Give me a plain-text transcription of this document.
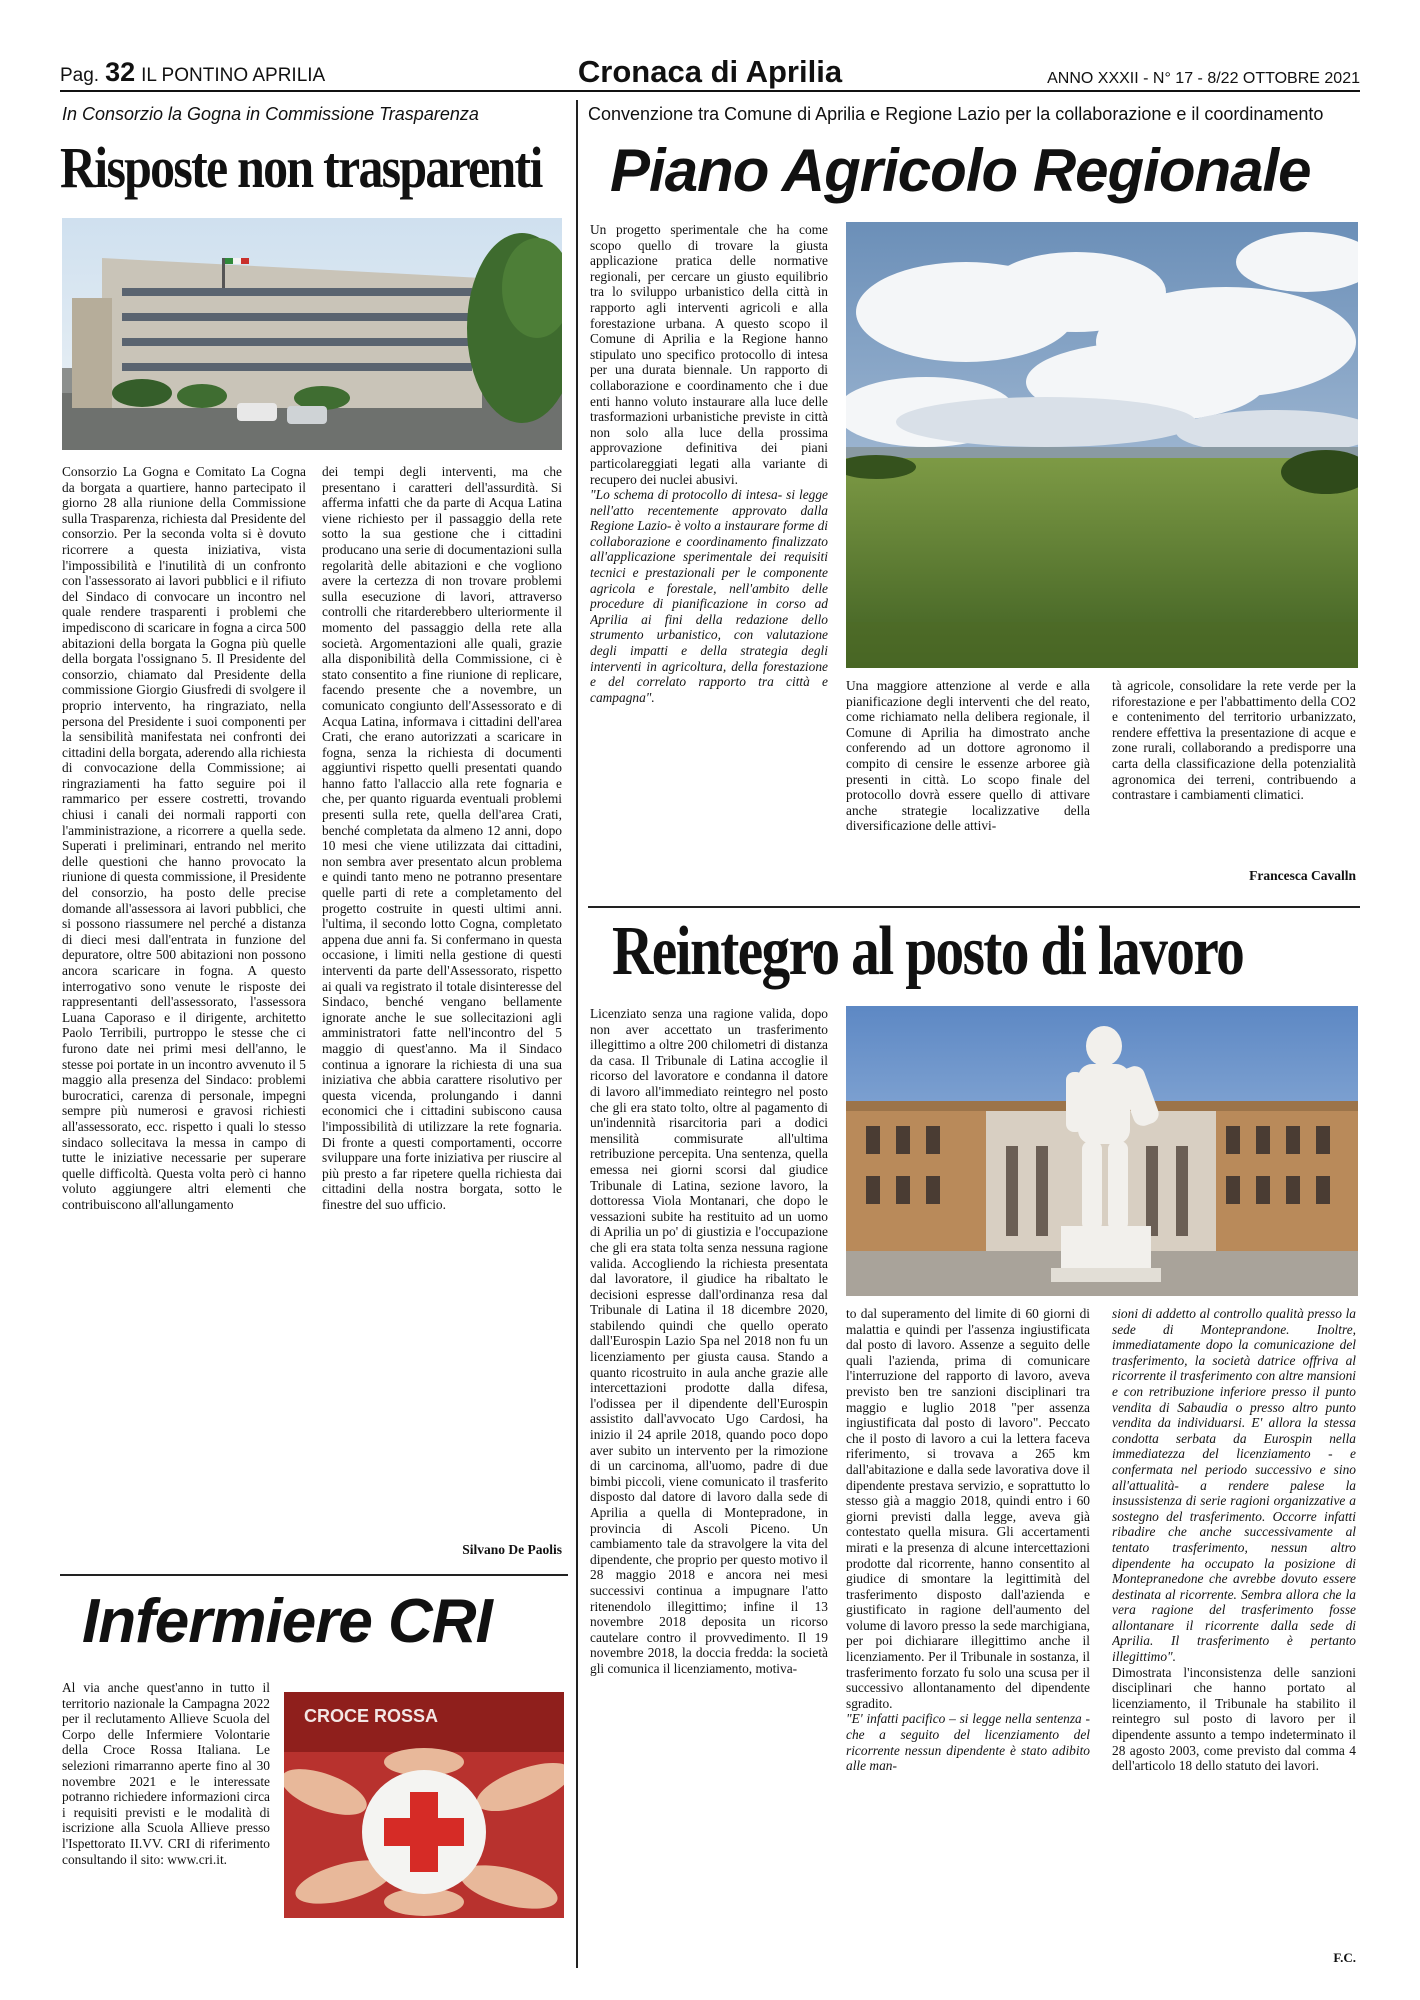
Pag. 32 IL PONTINO APRILIA	Cronaca di Aprilia	ANNO XXXII - N° 17 - 8/22 OTTOBRE 2021
In Consorzio la Gogna in Commissione Trasparenza
Risposte non trasparenti

Consorzio La Gogna e Comitato La Cogna da borgata a quartiere, hanno partecipato il giorno 28 alla riunione della Commissione sulla Trasparenza, richiesta dal Presidente del consorzio. Per la seconda volta si è dovuto ricorrere a questa iniziativa, vista l'impossibilità e l'inutilità di un confronto con l'assessorato ai lavori pubblici e il rifiuto del Sindaco di convocare un incontro nel quale rendere trasparenti i problemi che impediscono di scaricare in fogna a circa 500 abitazioni della borgata la Gogna più quelle della borgata l'ossignano 5. Il Presidente del consorzio, chiamato dal Presidente della commissione Giorgio Giusfredi di svolgere il proprio intervento, ha ringraziato, nella persona del Presidente i suoi componenti per la sensibilità manifestata nei confronti dei cittadini della borgata, aderendo alla richiesta di convocazione della Commissione; ai ringraziamenti ha fatto seguire poi il rammarico per essere costretti, trovando chiusi i canali dei normali rapporti con l'amministrazione, a ricorrere a quella sede. Superati i preliminari, entrando nel merito delle questioni che hanno provocato la riunione di questa commissione, il Presidente del consorzio, ha posto delle precise domande all'assessora ai lavori pubblici, che si possono riassumere nel perché a distanza di dieci mesi dall'entrata in funzione del depuratore, oltre 500 abitazioni non possono ancora scaricare in fogna. A questo interrogativo sono venute le risposte dei rappresentanti dell'assessorato, l'assessora Luana Caporaso e il dirigente, architetto Paolo Terribili, purtroppo le stesse che ci furono date nei primi mesi dell'anno, le stesse poi portate in un incontro avvenuto il 5 maggio alla presenza del Sindaco: problemi burocratici, carenza di personale, impegni sempre più numerosi e gravosi richiesti all'assessorato, ecc. rispetto i quali lo stesso sindaco sollecitava la messa in campo di tutte le iniziative necessarie per superare quelle difficoltà. Questa volta però ci hanno voluto aggiungere altri elementi che contribuiscono all'allungamento

dei tempi degli interventi, ma che presentano i caratteri dell'assurdità. Si afferma infatti che da parte di Acqua Latina viene richiesto per il passaggio della rete sotto la sua gestione che i cittadini producano una serie di documentazioni sulla regolarità delle abitazioni e che vogliono avere la certezza di non trovare problemi sulla esecuzione di lavori, attraverso controlli che ritarderebbero ulteriormente il momento del passaggio della rete alla società. Argomentazioni alle quali, grazie alla disponibilità della Commissione, ci è stato consentito a fine riunione di replicare, facendo presente che a novembre, un comunicato congiunto dell'Assessorato e di Acqua Latina, informava i cittadini dell'area Crati, che erano autorizzati a scaricare in fogna, senza la richiesta di documenti aggiuntivi rispetto quelli presentati quando hanno fatto l'allaccio alla rete fognaria e che, per quanto riguarda eventuali problemi presenti sulla rete, quella dell'area Crati, benché completata da almeno 12 anni, dopo 10 mesi che viene utilizzata dai cittadini, non sembra aver presentato alcun problema e quindi tanto meno ne potranno presentare quelle parti di rete a completamento del progetto costruite in questi ultimi anni. l'ultima, il secondo lotto Cogna, completato appena due anni fa. Si confermano in questa occasione, i limiti nella gestione di questi interventi da parte dell'Assessorato, rispetto ai quali va registrato il totale disinteresse del Sindaco, benché vengano bellamente ignorate anche le sue sollecitazioni agli amministratori fatte nell'incontro del 5 maggio di quest'anno. Ma il Sindaco continua a ignorare la richiesta di una sua iniziativa che abbia carattere risolutivo per questa vicenda, prolungando i danni economici che i cittadini subiscono causa l'impossibilità di utilizzare la rete fognaria. Di fronte a questi comportamenti, occorre sviluppare una forte iniziativa per riuscire al più presto a far ripetere quella richiesta dai cittadini della nostra borgata, sotto le finestre del suo ufficio.

Silvano De Paolis
Convenzione tra Comune di Aprilia e Regione Lazio per la collaborazione e il coordinamento
Piano Agricolo Regionale

Un progetto sperimentale che ha come scopo quello di trovare la giusta applicazione pratica delle normative regionali, per cercare un giusto equilibrio tra lo sviluppo urbanistico della città in rapporto agli interventi agricoli e alla forestazione urbana. A questo scopo il Comune di Aprilia e la Regione hanno stipulato uno specifico protocollo di intesa per una durata biennale. Un rapporto di collaborazione e coordinamento che i due enti hanno voluto instaurare alla luce delle trasformazioni urbanistiche previste in città non solo alla luce della prossima approvazione definitiva dei piani particolareggiati legati alla variante di recupero dei nuclei abusivi.

"Lo schema di protocollo di intesa- si legge nell'atto recentemente approvato dalla Regione Lazio- è volto a instaurare forme di collaborazione e coordinamento finalizzato all'applicazione sperimentale dei requisiti tecnici e prestazionali per le componente agricola e forestale, nell'ambito delle procedure di pianificazione in corso ad Aprilia ai fini della redazione dello strumento urbanistico, con valutazione degli impatti e della strategia degli interventi in agricoltura, della forestazione e del correlato rapporto tra città e campagna".

Una maggiore attenzione al verde e alla pianificazione degli interventi che del reato, come richiamato nella delibera regionale, il Comune di Aprilia ha dimostrato anche conferendo ad un dottore agronomo il compito di censire le essenze arboree già presenti in città. Lo scopo finale del protocollo dovrà essere quello di attivare anche strategie localizzative della diversificazione delle attivi-

tà agricole, consolidare la rete verde per la riforestazione e per l'abbattimento della CO2 e contenimento del territorio urbanizzato, rendere effettiva la presentazione di acque e zone rurali, collaborando a predisporre una carta della classificazione della potenzialità agronomica dei terreni, contribuendo a contrastare i cambiamenti climatici.

Francesca Cavalln
Reintegro al posto di lavoro

Licenziato senza una ragione valida, dopo non aver accettato un trasferimento illegittimo a oltre 200 chilometri di distanza da casa. Il Tribunale di Latina accoglie il ricorso del lavoratore e condanna il datore di lavoro all'immediato reintegro nel posto che gli era stato tolto, oltre al pagamento di un'indennità risarcitoria pari a dodici mensilità commisurate all'ultima retribuzione percepita. Una sentenza, quella emessa nei giorni scorsi dal giudice Tribunale di Latina, sezione lavoro, la dottoressa Viola Montanari, che dopo le vessazioni subite ha restituito ad un uomo di Aprilia un po' di giustizia e l'occupazione che gli era stata tolta senza nessuna ragione valida. Accogliendo la richiesta presentata dal lavoratore, il giudice ha ribaltato le decisioni espresse dall'ordinanza resa dal Tribunale di Latina il 18 dicembre 2020, stabilendo quindi che quello operato dall'Eurospin Lazio Spa nel 2018 non fu un licenziamento per giusta causa. Stando a quanto ricostruito in aula anche grazie alle intercettazioni prodotte dalla difesa, l'odissea per il dipendente dell'Eurospin assistito dall'avvocato Ugo Cardosi, ha inizio il 24 aprile 2018, quando poco dopo aver subito un intervento per la rimozione di un carcinoma, all'uomo, padre di due bimbi piccoli, viene comunicato il trasferito disposto dal datore di lavoro dalla sede di Aprilia a quella di Montepradone, in provincia di Ascoli Piceno. Un cambiamento tale da stravolgere la vita del dipendente, che proprio per questo motivo il 28 maggio 2018 e ancora nei mesi successivi continua a impugnare l'atto ritenendolo illegittimo; infine il 13 novembre 2018 deposita un ricorso cautelare contro il provvedimento. Il 19 novembre 2018, la doccia fredda: la società gli comunica il licenziamento, motiva-

to dal superamento del limite di 60 giorni di malattia e quindi per l'assenza ingiustificata dal posto di lavoro. Assenze a seguito delle quali l'azienda, prima di comunicare l'interruzione del rapporto di lavoro, aveva previsto ben tre sanzioni disciplinari tra maggio e luglio 2018 "per assenza ingiustificata dal posto di lavoro". Peccato che il posto di lavoro a cui la lettera faceva riferimento, si trovava a 265 km dall'abitazione e dalla sede lavorativa dove il dipendente prestava servizio, e soprattutto lo stesso già a maggio 2018, quindi entro i 60 giorni previsti dalla legge, aveva già contestato quella misura. Gli accertamenti mirati e la presenza di alcune intercettazioni prodotte dal ricorrente, hanno consentito al giudice di smontare la legittimità del trasferimento disposto dall'azienda e giustificato in ragione dell'aumento del volume di lavoro presso la sede marchigiana, per poi dichiarare illegittimo anche il licenziamento. Per il Tribunale in sostanza, il trasferimento forzato fu solo una scusa per il successivo allontanamento del dipendente sgradito.

"E' infatti pacifico – si legge nella sentenza - che a seguito del licenziamento del ricorrente nessun dipendente è stato adibito alle man-

sioni di addetto al controllo qualità presso la sede di Monteprandone. Inoltre, immediatamente dopo la comunicazione del trasferimento, la società datrice offriva al ricorrente il trasferimento con altre mansioni e con retribuzione inferiore presso il punto vendita di Sabaudia o presso altro punto vendita da individuarsi. E' allora la stessa condotta serbata da Eurospin nella immediatezza del licenziamento - e confermata nel periodo successivo e sino all'attualità- a rendere palese la insussistenza di serie ragioni organizzative a sostegno del trasferimento. Occorre infatti ribadire che anche successivamente al tentato trasferimento, nessun altro dipendente ha occupato la posizione di Montepranedone che avrebbe dovuto essere destinata al ricorrente. Sembra allora che la vera ragione del trasferimento fosse allontanare il ricorrente dalla sede di Aprilia. Il trasferimento è pertanto illegittimo".

Dimostrata l'inconsistenza delle sanzioni disciplinari che hanno portato al licenziamento, il Tribunale ha stabilito il reintegro sul posto di lavoro per il dipendente assunto a tempo indeterminato il 28 agosto 2003, come previsto dal comma 4 dell'articolo 18 dello statuto dei lavori.

F.C.
Infermiere CRI

Al via anche quest'anno in tutto il territorio nazionale la Campagna 2022 per il reclutamento Allieve Scuola del Corpo delle Infermiere Volontarie della Croce Rossa Italiana. Le selezioni rimarranno aperte fino al 30 novembre 2021 e le interessate potranno richiedere informazioni circa i requisiti previsti e le modalità di iscrizione alla Scuola Allieve presso l'Ispettorato II.VV. CRI di riferimento consultando il sito: www.cri.it.

CROCE ROSSA
